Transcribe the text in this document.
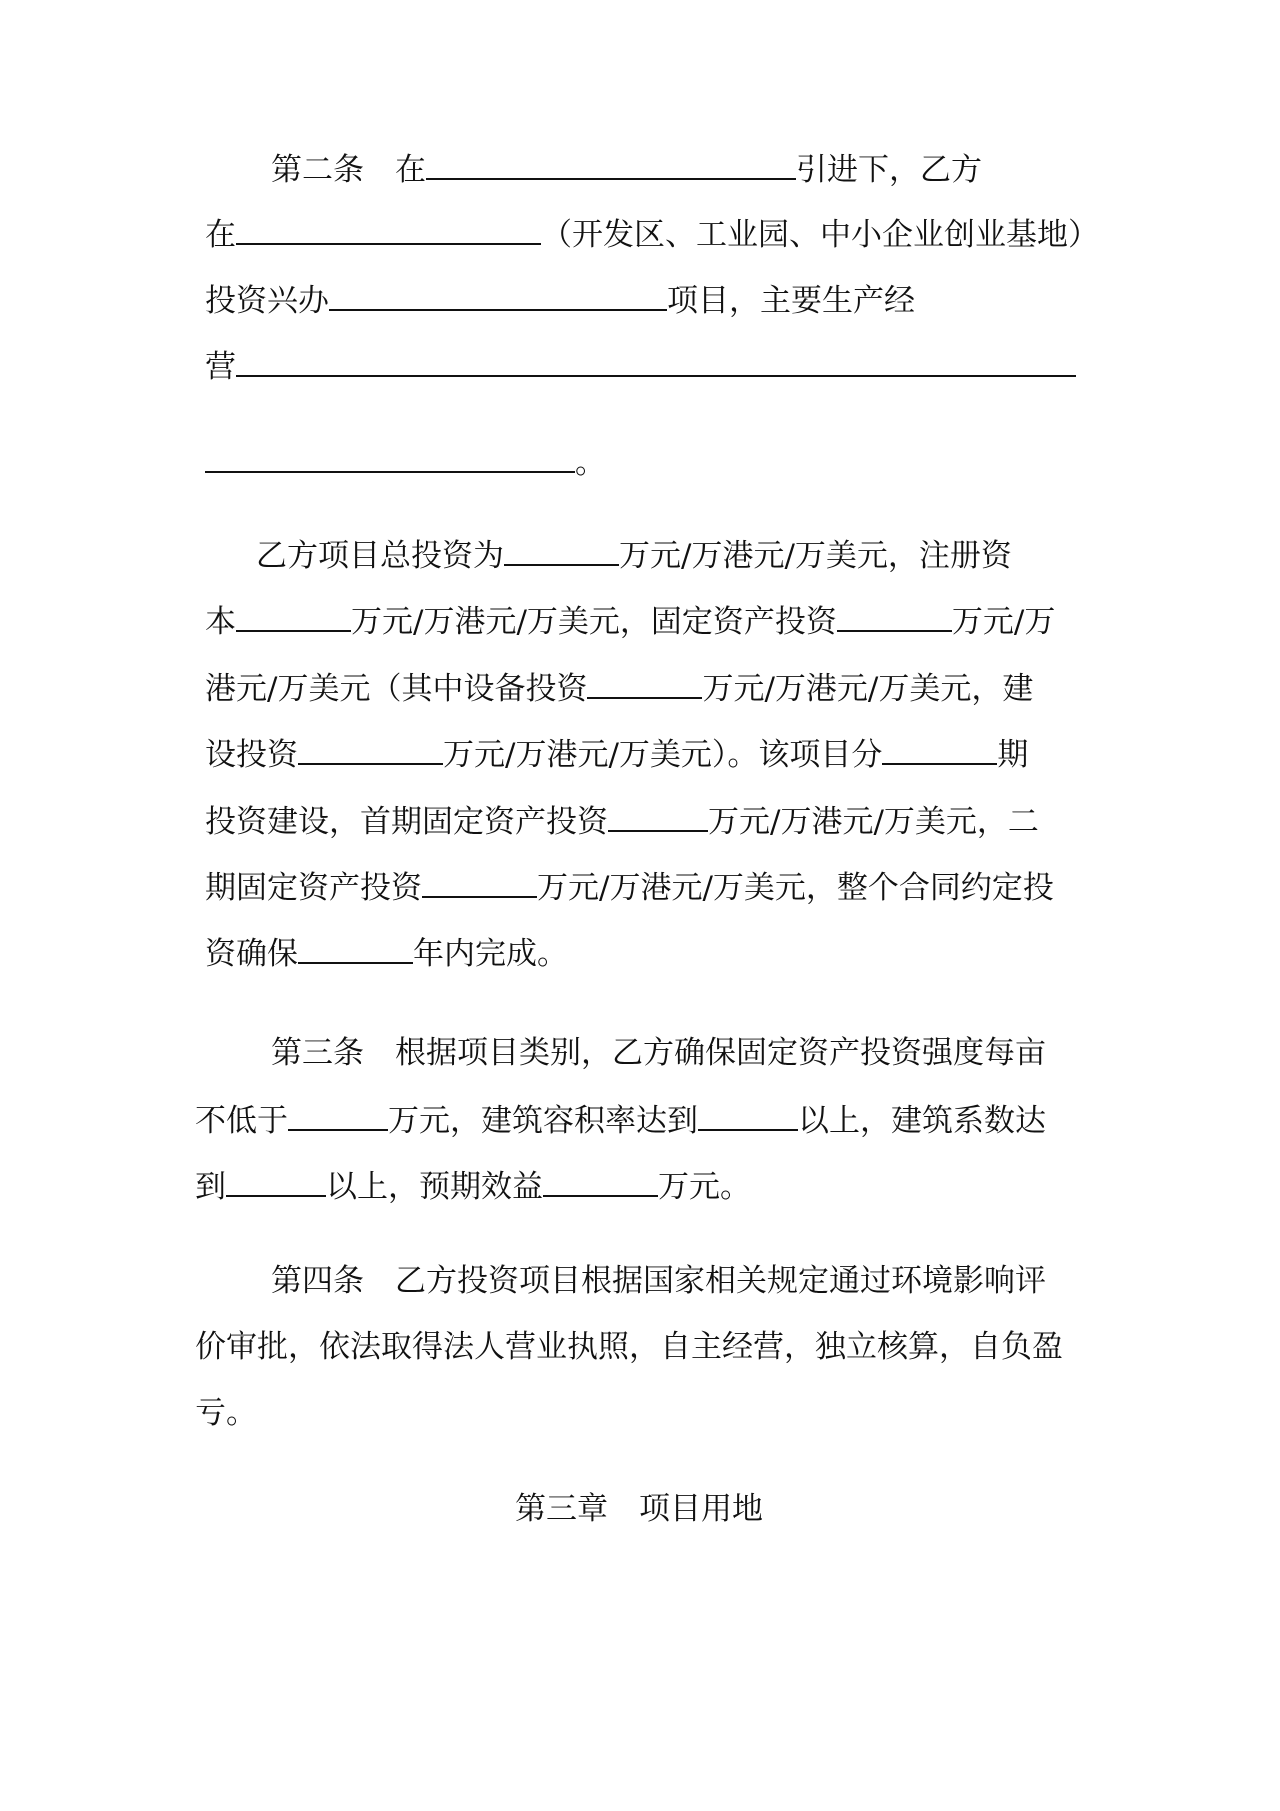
第二条 在	引进下，乙方
在	（开发区、工业园、中小企业创业基地）
投资兴办	项目，主要生产经
营
。
乙方项目总投资为	万元/万港元/万美元，注册资
本	万元/万港元/万美元，固定资产投资	万元/万
港元/万美元（其中设备投资	万元/万港元/万美元，建
设投资	万元/万港元/万美元）。该项目分	期
投资建设，首期固定资产投资	万元/万港元/万美元，二
期固定资产投资	万元/万港元/万美元，整个合同约定投
资确保	年内完成。
第三条 根据项目类别，乙方确保固定资产投资强度每亩
不低于	万元，建筑容积率达到	以上，建筑系数达
到	以上，预期效益	万元。
第四条 乙方投资项目根据国家相关规定通过环境影响评
价审批，依法取得法人营业执照，自主经营，独立核算，自负盈
亏。
第三章 项目用地
